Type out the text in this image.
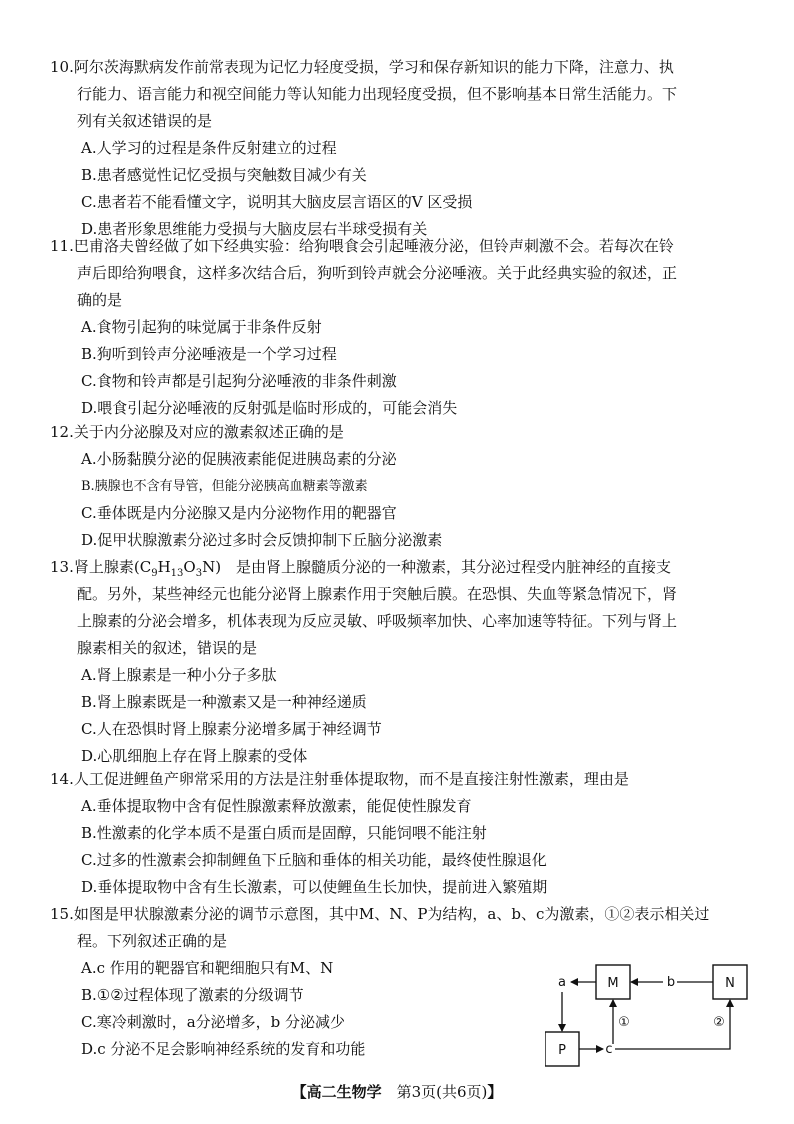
10.阿尔茨海默病发作前常表现为记忆力轻度受损，学习和保存新知识的能力下降，注意力、执
行能力、语言能力和视空间能力等认知能力出现轻度受损，但不影响基本日常生活能力。下
列有关叙述错误的是
A.人学习的过程是条件反射建立的过程
B.患者感觉性记忆受损与突触数目减少有关
C.患者若不能看懂文字，说明其大脑皮层言语区的V 区受损
D.患者形象思维能力受损与大脑皮层右半球受损有关
11.巴甫洛夫曾经做了如下经典实验：给狗喂食会引起唾液分泌，但铃声刺激不会。若每次在铃
声后即给狗喂食，这样多次结合后，狗听到铃声就会分泌唾液。关于此经典实验的叙述，正
确的是
A.食物引起狗的味觉属于非条件反射
B.狗听到铃声分泌唾液是一个学习过程
C.食物和铃声都是引起狗分泌唾液的非条件刺激
D.喂食引起分泌唾液的反射弧是临时形成的，可能会消失
12.关于内分泌腺及对应的激素叙述正确的是
A.小肠黏膜分泌的促胰液素能促进胰岛素的分泌
B.胰腺也不含有导管，但能分泌胰高血糖素等激素
C.垂体既是内分泌腺又是内分泌物作用的靶器官
D.促甲状腺激素分泌过多时会反馈抑制下丘脑分泌激素
13.肾上腺素$(C_9H_{13}O_3N)$　是由肾上腺髓质分泌的一种激素，其分泌过程受内脏神经的直接支
配。另外，某些神经元也能分泌肾上腺素作用于突触后膜。在恐惧、失血等紧急情况下，肾
上腺素的分泌会增多，机体表现为反应灵敏、呼吸频率加快、心率加速等特征。下列与肾上
腺素相关的叙述，错误的是
A.肾上腺素是一种小分子多肽
B.肾上腺素既是一种激素又是一种神经递质
C.人在恐惧时肾上腺素分泌增多属于神经调节
D.心肌细胞上存在肾上腺素的受体
14.人工促进鲤鱼产卵常采用的方法是注射垂体提取物，而不是直接注射性激素，理由是
A.垂体提取物中含有促性腺激素释放激素，能促使性腺发育
B.性激素的化学本质不是蛋白质而是固醇，只能饲喂不能注射
C.过多的性激素会抑制鲤鱼下丘脑和垂体的相关功能，最终使性腺退化
D.垂体提取物中含有生长激素，可以使鲤鱼生长加快，提前进入繁殖期
15.如图是甲状腺激素分泌的调节示意图，其中M、N、P为结构，a、b、c为激素，①②表示相关过
程。下列叙述正确的是
A.c 作用的靶器官和靶细胞只有M、N
B.①②过程体现了激素的分级调节
C.寒冷刺激时，a分泌增多，b 分泌减少
D.c 分泌不足会影响神经系统的发育和功能
M	N
P
a	b
c
①	②
【高二生物学　 第3页(共6页)】
